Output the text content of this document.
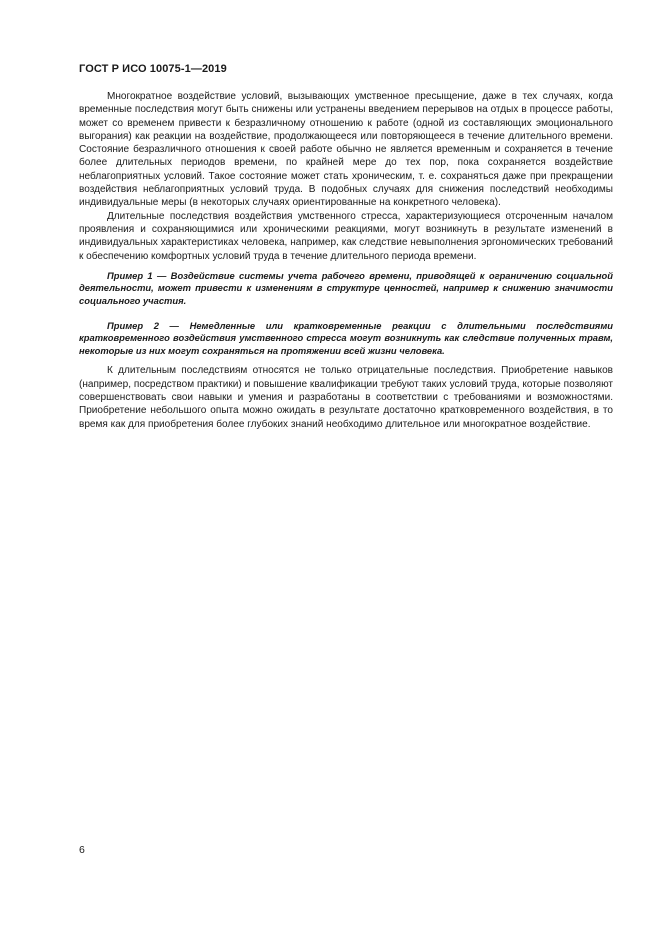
ГОСТ Р ИСО 10075-1—2019

Многократное воздействие условий, вызывающих умственное пресыщение, даже в тех случаях, когда временные последствия могут быть снижены или устранены введением перерывов на отдых в процессе работы, может со временем привести к безразличному отношению к работе (одной из составляющих эмоционального выгорания) как реакции на воздействие, продолжающееся или повторяющееся в течение длительного времени. Состояние безразличного отношения к своей работе обычно не является временным и сохраняется в течение более длительных периодов времени, по крайней мере до тех пор, пока сохраняется воздействие неблагоприятных условий. Такое состояние может стать хроническим, т. е. сохраняться даже при прекращении воздействия неблагоприятных условий труда. В подобных случаях для снижения последствий необходимы индивидуальные меры (в некоторых случаях ориентированные на конкретного человека).

Длительные последствия воздействия умственного стресса, характеризующиеся отсроченным началом проявления и сохраняющимися или хроническими реакциями, могут возникнуть в результате изменений в индивидуальных характеристиках человека, например, как следствие невыполнения эргономических требований к обеспечению комфортных условий труда в течение длительного периода времени.

Пример 1 — Воздействие системы учета рабочего времени, приводящей к ограничению социальной деятельности, может привести к изменениям в структуре ценностей, например к снижению значимости социального участия.

Пример 2 — Немедленные или кратковременные реакции с длительными последствиями кратковременного воздействия умственного стресса могут возникнуть как следствие полученных травм, некоторые из них могут сохраняться на протяжении всей жизни человека.

К длительным последствиям относятся не только отрицательные последствия. Приобретение навыков (например, посредством практики) и повышение квалификации требуют таких условий труда, которые позволяют совершенствовать свои навыки и умения и разработаны в соответствии с требованиями и возможностями. Приобретение небольшого опыта можно ожидать в результате достаточно кратковременного воздействия, в то время как для приобретения более глубоких знаний необходимо длительное или многократное воздействие.

6
